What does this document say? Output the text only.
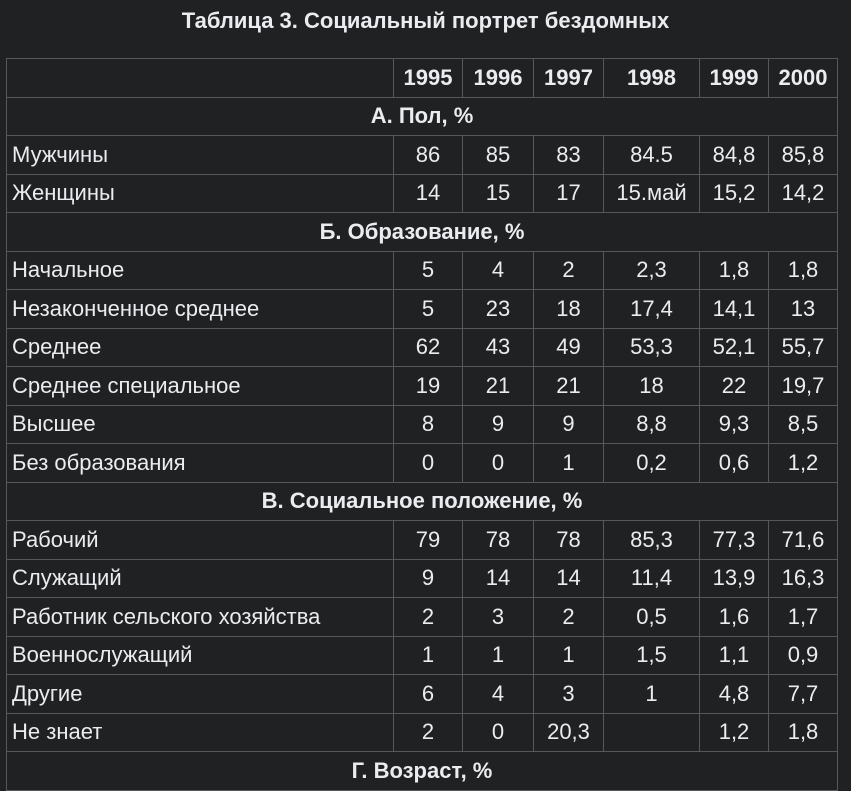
Таблица 3. Социальный портрет бездомных
	1995	1996	1997	1998	1999	2000
А. Пол, %						
Мужчины	86	85	83	84.5	84,8	85,8
Женщины	14	15	17	15.май	15,2	14,2
Б. Образование, %						
Начальное	5	4	2	2,3	1,8	1,8
Незаконченное среднее	5	23	18	17,4	14,1	13
Среднее	62	43	49	53,3	52,1	55,7
Среднее специальное	19	21	21	18	22	19,7
Высшее	8	9	9	8,8	9,3	8,5
Без образования	0	0	1	0,2	0,6	1,2
В. Социальное положение, %						
Рабочий	79	78	78	85,3	77,3	71,6
Служащий	9	14	14	11,4	13,9	16,3
Работник сельского хозяйства	2	3	2	0,5	1,6	1,7
Военнослужащий	1	1	1	1,5	1,1	0,9
Другие	6	4	3	1	4,8	7,7
Не знает	2	0	20,3		1,2	1,8
Г. Возраст, %						
